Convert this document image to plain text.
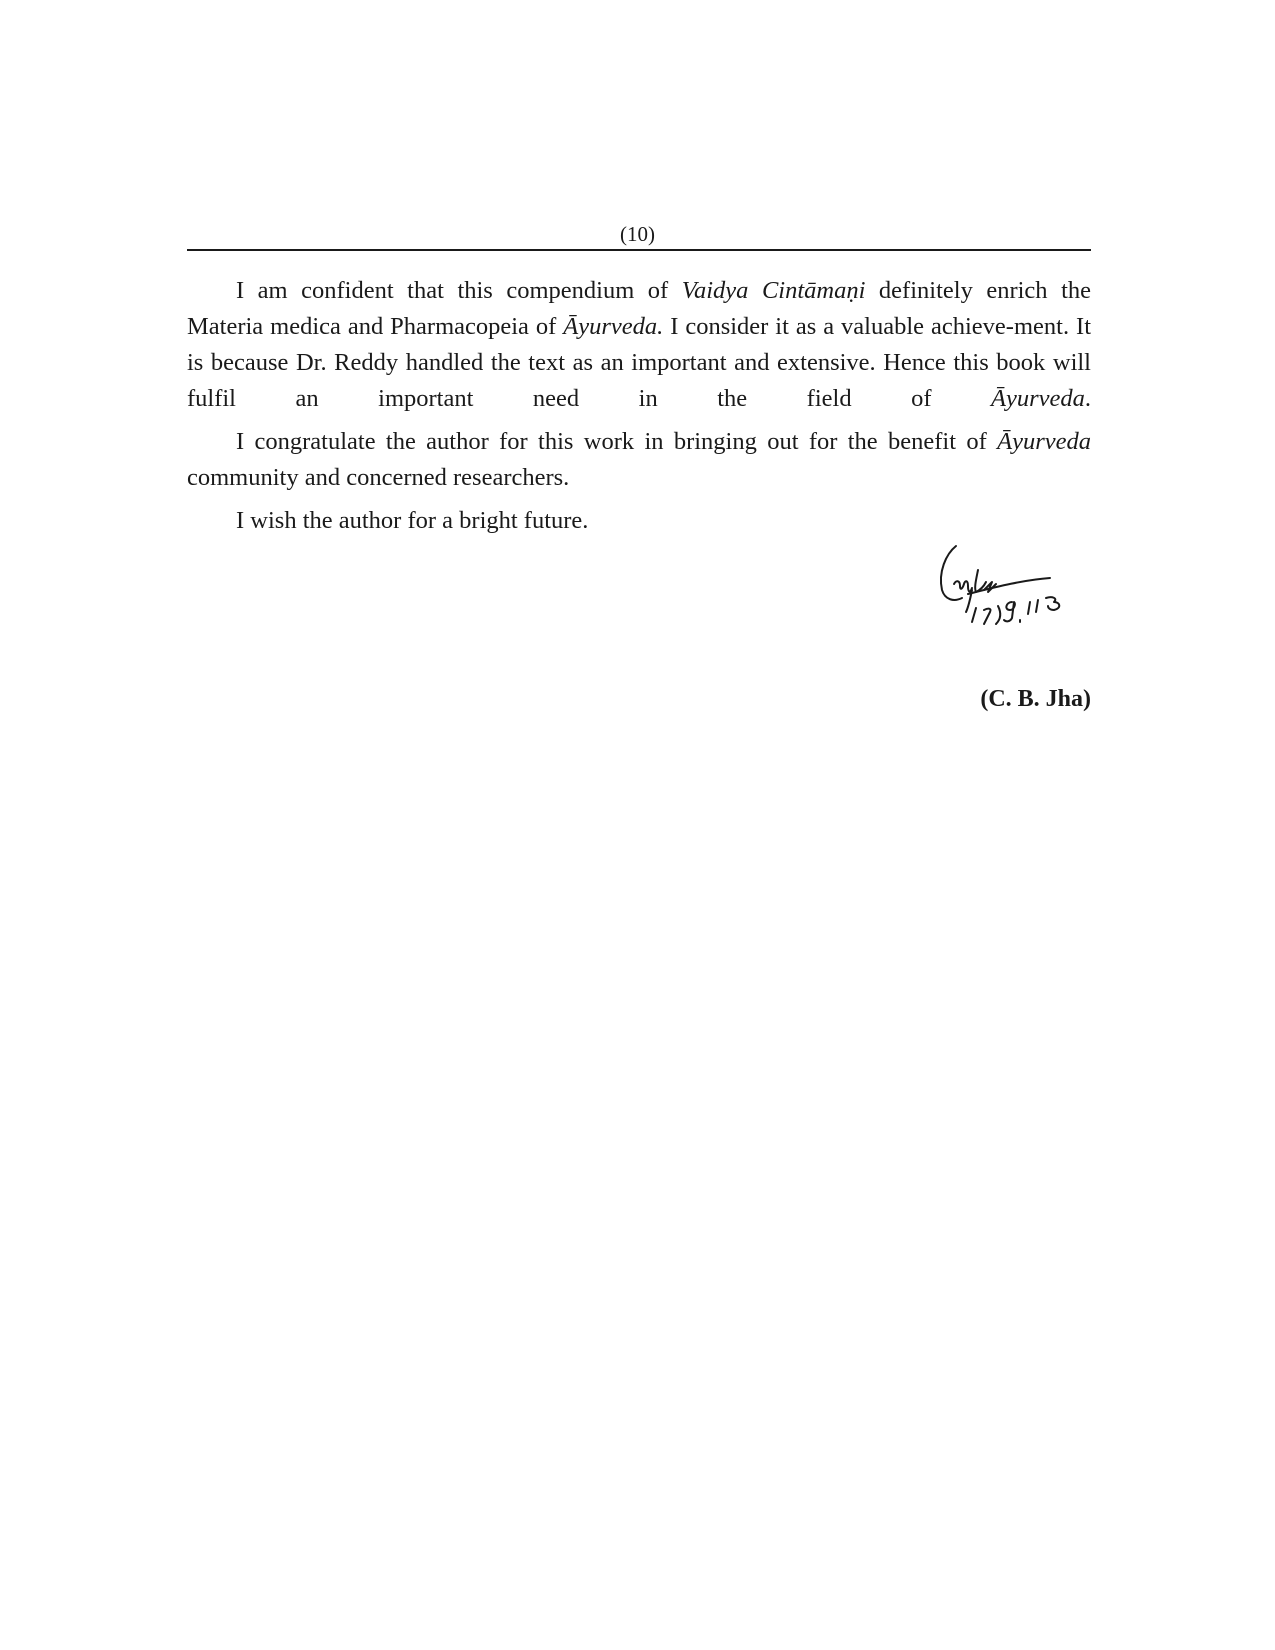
(10)

I am confident that this compendium of Vaidya Cintāmaṇi definitely enrich the Materia medica and Pharmacopeia of Āyurveda. I consider it as a valuable achieve-ment. It is because Dr. Reddy handled the text as an important and extensive. Hence this book will fulfil an important need in the field of Āyurveda.

I congratulate the author for this work in bringing out for the benefit of Āyurveda community and concerned researchers.

I wish the author for a bright future.

(C. B. Jha)
